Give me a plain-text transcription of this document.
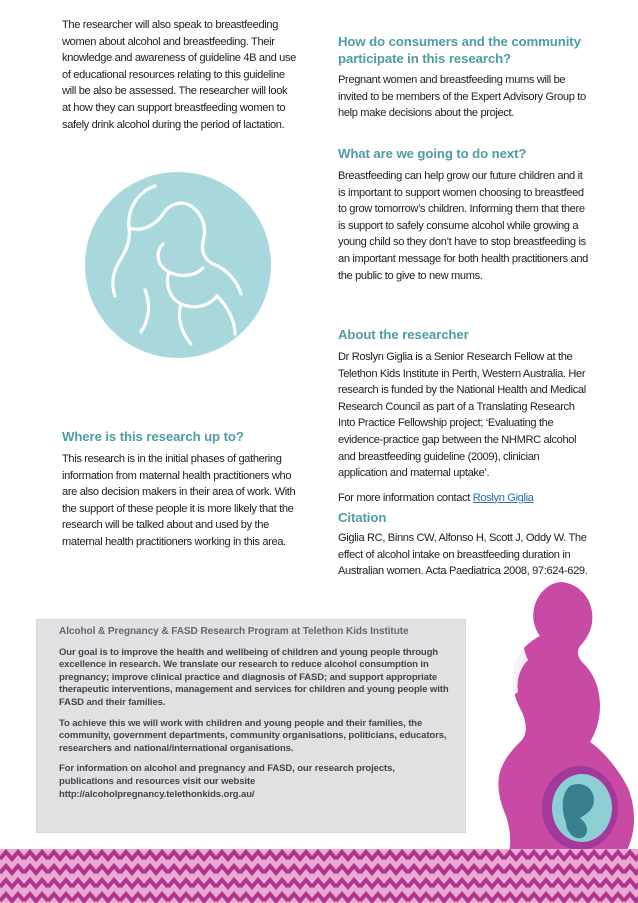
The researcher will also speak to breastfeeding women about alcohol and breastfeeding. Their knowledge and awareness of guideline 4B and use of educational resources relating to this guideline will be also be assessed. The researcher will look at how they can support breastfeeding women to safely drink alcohol during the period of lactation.

Where is this research up to?

This research is in the initial phases of gathering information from maternal health practitioners who are also decision makers in their area of work. With the support of these people it is more likely that the research will be talked about and used by the maternal health practitioners working in this area.

How do consumers and the community participate in this research?

Pregnant women and breastfeeding mums will be invited to be members of the Expert Advisory Group to help make decisions about the project.

What are we going to do next?

Breastfeeding can help grow our future children and it is important to support women choosing to breastfeed to grow tomorrow’s children. Informing them that there is support to safely consume alcohol while growing a young child so they don’t have to stop breastfeeding is an important message for both health practitioners and the public to give to new mums.

About the researcher

Dr Roslyn Giglia is a Senior Research Fellow at the Telethon Kids Institute in Perth, Western Australia. Her research is funded by the National Health and Medical Research Council as part of a Translating Research Into Practice Fellowship project; ‘Evaluating the evidence-practice gap between the NHMRC alcohol and breastfeeding guideline (2009), clinician application and maternal uptake’.

For more information contact Roslyn Giglia

Citation

Giglia RC, Binns CW, Alfonso H, Scott J, Oddy W. The effect of alcohol intake on breastfeeding duration in Australian women. Acta Paediatrica 2008, 97:624-629.

Alcohol & Pregnancy & FASD Research Program at Telethon Kids Institute

Our goal is to improve the health and wellbeing of children and young people through excellence in research. We translate our research to reduce alcohol consumption in pregnancy; improve clinical practice and diagnosis of FASD; and support appropriate therapeutic interventions, management and services for children and young people with FASD and their families.

To achieve this we will work with children and young people and their families, the community, government departments, community organisations, politicians, educators, researchers and national/international organisations.

For information on alcohol and pregnancy and FASD, our research projects, publications and resources visit our website http://alcoholpregnancy.telethonkids.org.au/
